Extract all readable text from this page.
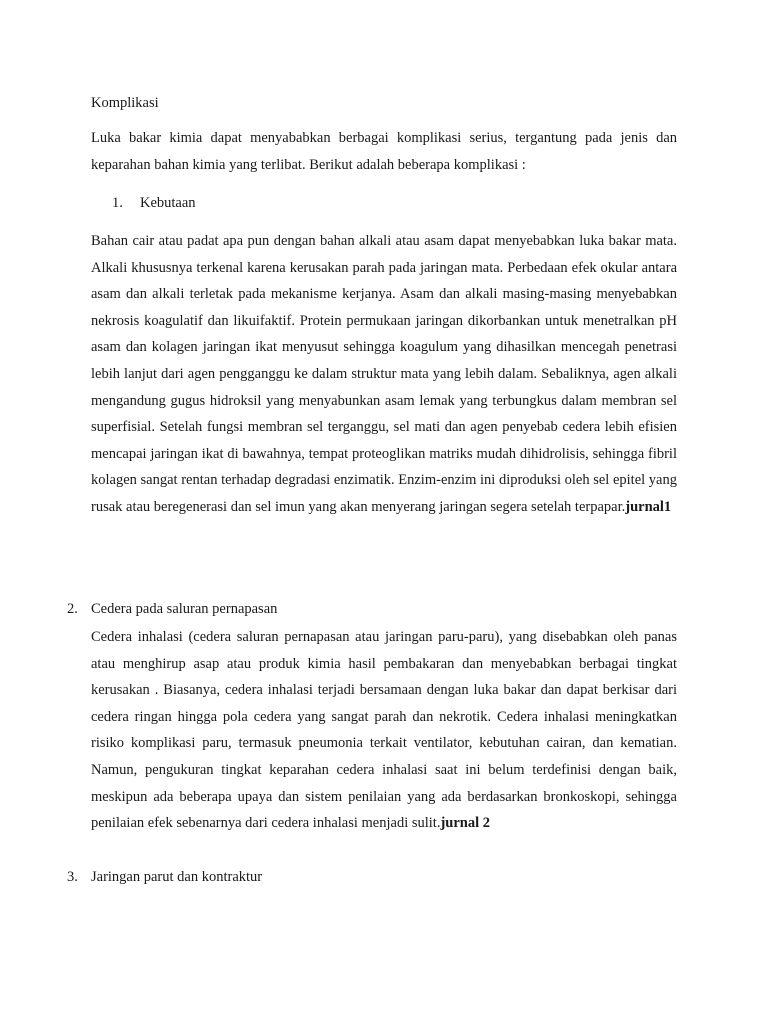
Komplikasi

Luka bakar kimia dapat menyababkan berbagai komplikasi serius, tergantung pada jenis dan keparahan bahan kimia yang terlibat. Berikut adalah beberapa komplikasi :

1. Kebutaan

Bahan cair atau padat apa pun dengan bahan alkali atau asam dapat menyebabkan luka bakar mata. Alkali khususnya terkenal karena kerusakan parah pada jaringan mata. Perbedaan efek okular antara asam dan alkali terletak pada mekanisme kerjanya. Asam dan alkali masing-masing menyebabkan nekrosis koagulatif dan likuifaktif. Protein permukaan jaringan dikorbankan untuk menetralkan pH asam dan kolagen jaringan ikat menyusut sehingga koagulum yang dihasilkan mencegah penetrasi lebih lanjut dari agen pengganggu ke dalam struktur mata yang lebih dalam. Sebaliknya, agen alkali mengandung gugus hidroksil yang menyabunkan asam lemak yang terbungkus dalam membran sel superfisial. Setelah fungsi membran sel terganggu, sel mati dan agen penyebab cedera lebih efisien mencapai jaringan ikat di bawahnya, tempat proteoglikan matriks mudah dihidrolisis, sehingga fibril kolagen sangat rentan terhadap degradasi enzimatik. Enzim-enzim ini diproduksi oleh sel epitel yang rusak atau beregenerasi dan sel imun yang akan menyerang jaringan segera setelah terpapar.jurnal1

2. Cedera pada saluran pernapasan

Cedera inhalasi (cedera saluran pernapasan atau jaringan paru-paru), yang disebabkan oleh panas atau menghirup asap atau produk kimia hasil pembakaran dan menyebabkan berbagai tingkat kerusakan . Biasanya, cedera inhalasi terjadi bersamaan dengan luka bakar dan dapat berkisar dari cedera ringan hingga pola cedera yang sangat parah dan nekrotik. Cedera inhalasi meningkatkan risiko komplikasi paru, termasuk pneumonia terkait ventilator, kebutuhan cairan, dan kematian. Namun, pengukuran tingkat keparahan cedera inhalasi saat ini belum terdefinisi dengan baik, meskipun ada beberapa upaya dan sistem penilaian yang ada berdasarkan bronkoskopi, sehingga penilaian efek sebenarnya dari cedera inhalasi menjadi sulit.jurnal 2

3. Jaringan parut dan kontraktur
